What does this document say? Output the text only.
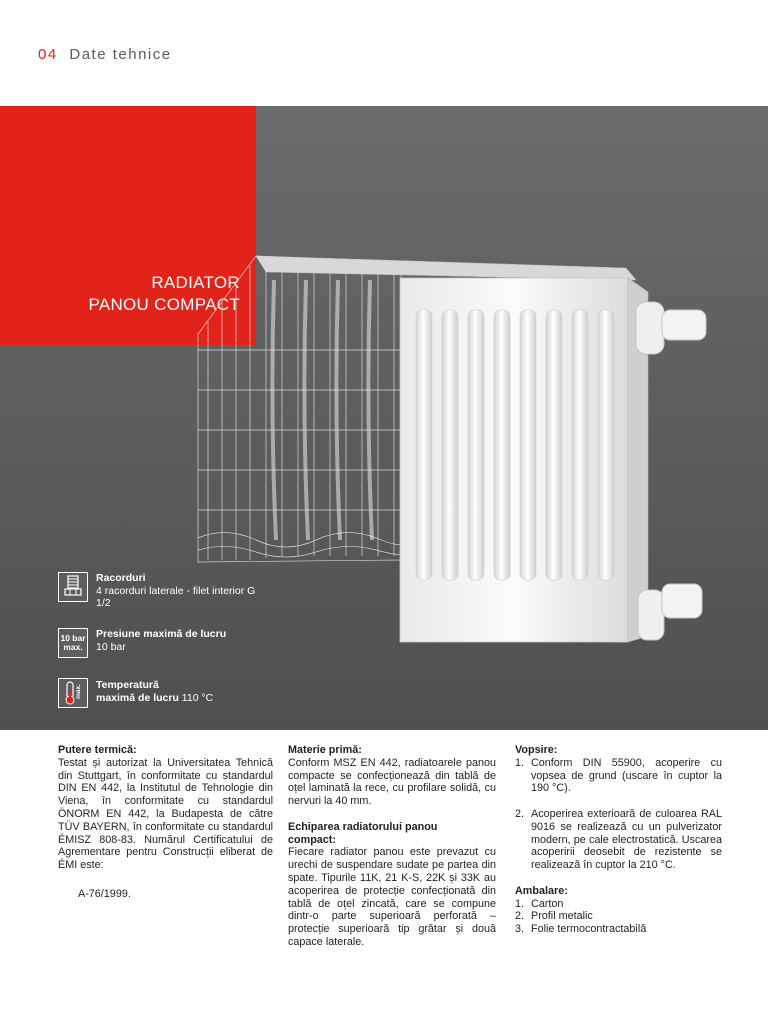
04 Date tehnice
RADIATOR
PANOU COMPACT
Racorduri
4 racorduri laterale - filet interior G 1/2
10 bar
max.
Presiune maximă de lucru
10 bar
max. Temperatură
maximă de lucru 110 °C
Putere termică:

Testat și autorizat la Universitatea Tehnică din Stuttgart, în conformitate cu standardul DIN EN 442, la Institutul de Tehnologie din Viena, în conformitate cu standardul ÖNORM EN 442, la Budapesta de către TÜV BAYERN, în conformitate cu standardul ÉMISZ 808-83. Numărul Certificatului de Agrementare pentru Construcții eliberat de ÉMI este:

A-76/1999.

Materie primă:

Conform MSZ EN 442, radiatoarele panou compacte se confecționează din tablă de oțel laminată la rece, cu profilare solidă, cu nervuri la 40 mm.

Echiparea radiatorului panou
compact:

Fiecare radiator panou este prevazut cu urechi de suspendare sudate pe partea din spate. Tipurile 11K, 21 K-S, 22K și 33K au acoperirea de protecție confecționată din tablă de oțel zincată, care se compune dintr-o parte superioară perforată – protecție superioară tip grătar și două capace laterale.

Vopsire:
1. Conform DIN 55900, acoperire cu vopsea de grund (uscare în cuptor la 190 °C).
2. Acoperirea exterioară de culoarea RAL 9016 se realizează cu un pulverizator modern, pe cale electrostatică. Uscarea acoperirii deosebit de rezistente se realizează în cuptor la 210 °C.
Ambalare:
1. Carton
2. Profil metalic
3. Folie termocontractabilă
